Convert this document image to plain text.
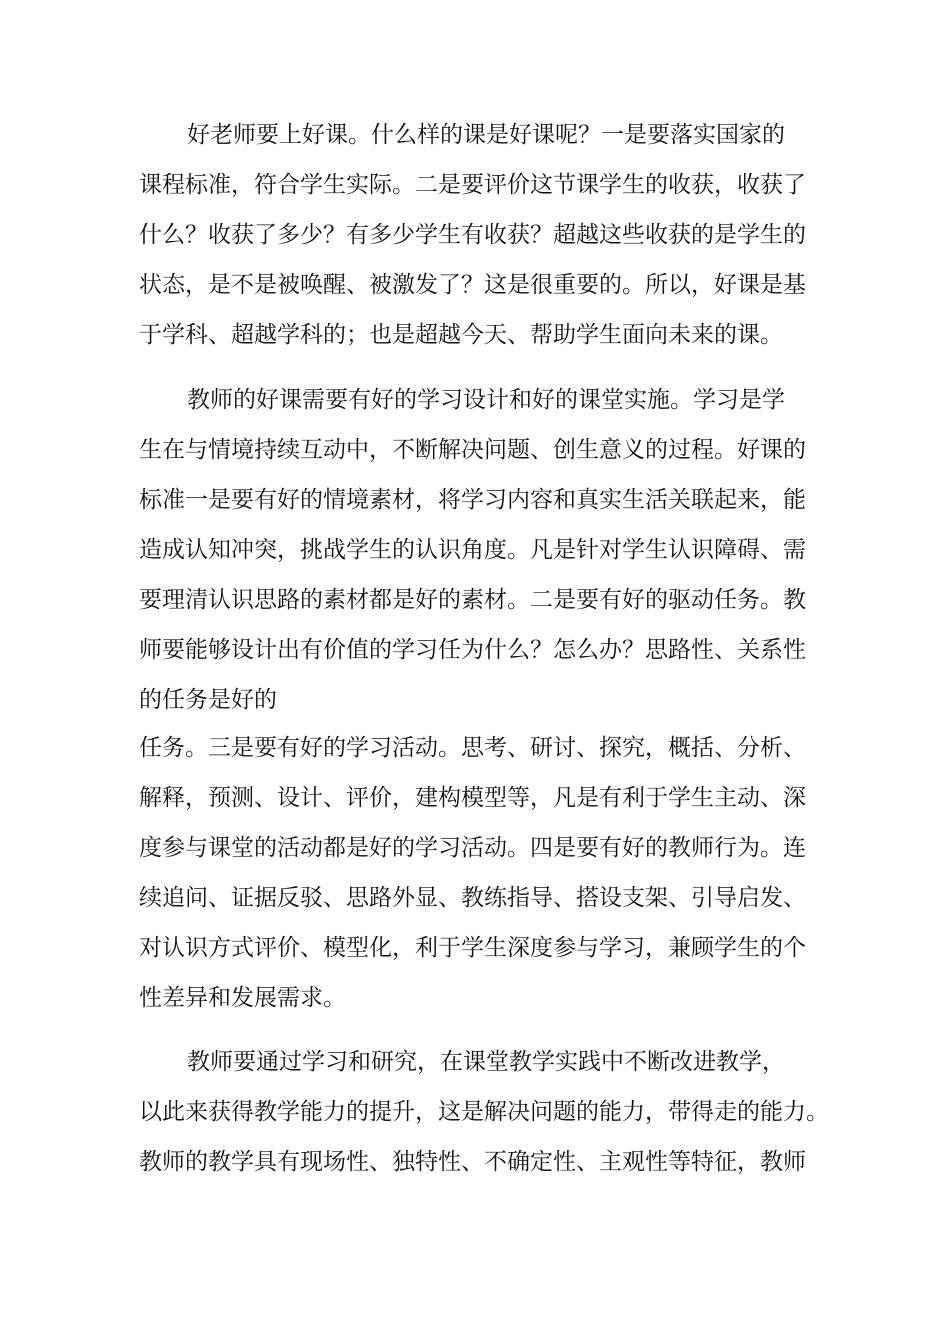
好老师要上好课。什么样的课是好课呢？一是要落实国家的

课程标准，符合学生实际。二是要评价这节课学生的收获，收获了

什么？收获了多少？有多少学生有收获？超越这些收获的是学生的

状态，是不是被唤醒、被激发了？这是很重要的。所以，好课是基

于学科、超越学科的；也是超越今天、帮助学生面向未来的课。

教师的好课需要有好的学习设计和好的课堂实施。学习是学

生在与情境持续互动中，不断解决问题、创生意义的过程。好课的

标准一是要有好的情境素材，将学习内容和真实生活关联起来，能

造成认知冲突，挑战学生的认识角度。凡是针对学生认识障碍、需

要理清认识思路的素材都是好的素材。二是要有好的驱动任务。教

师要能够设计出有价值的学习任为什么？怎么办？思路性、关系性

的任务是好的

任务。三是要有好的学习活动。思考、研讨、探究，概括、分析、

解释，预测、设计、评价，建构模型等，凡是有利于学生主动、深

度参与课堂的活动都是好的学习活动。四是要有好的教师行为。连

续追问、证据反驳、思路外显、教练指导、搭设支架、引导启发、

对认识方式评价、模型化，利于学生深度参与学习，兼顾学生的个

性差异和发展需求。

教师要通过学习和研究，在课堂教学实践中不断改进教学，

以此来获得教学能力的提升，这是解决问题的能力，带得走的能力。

教师的教学具有现场性、独特性、不确定性、主观性等特征，教师
